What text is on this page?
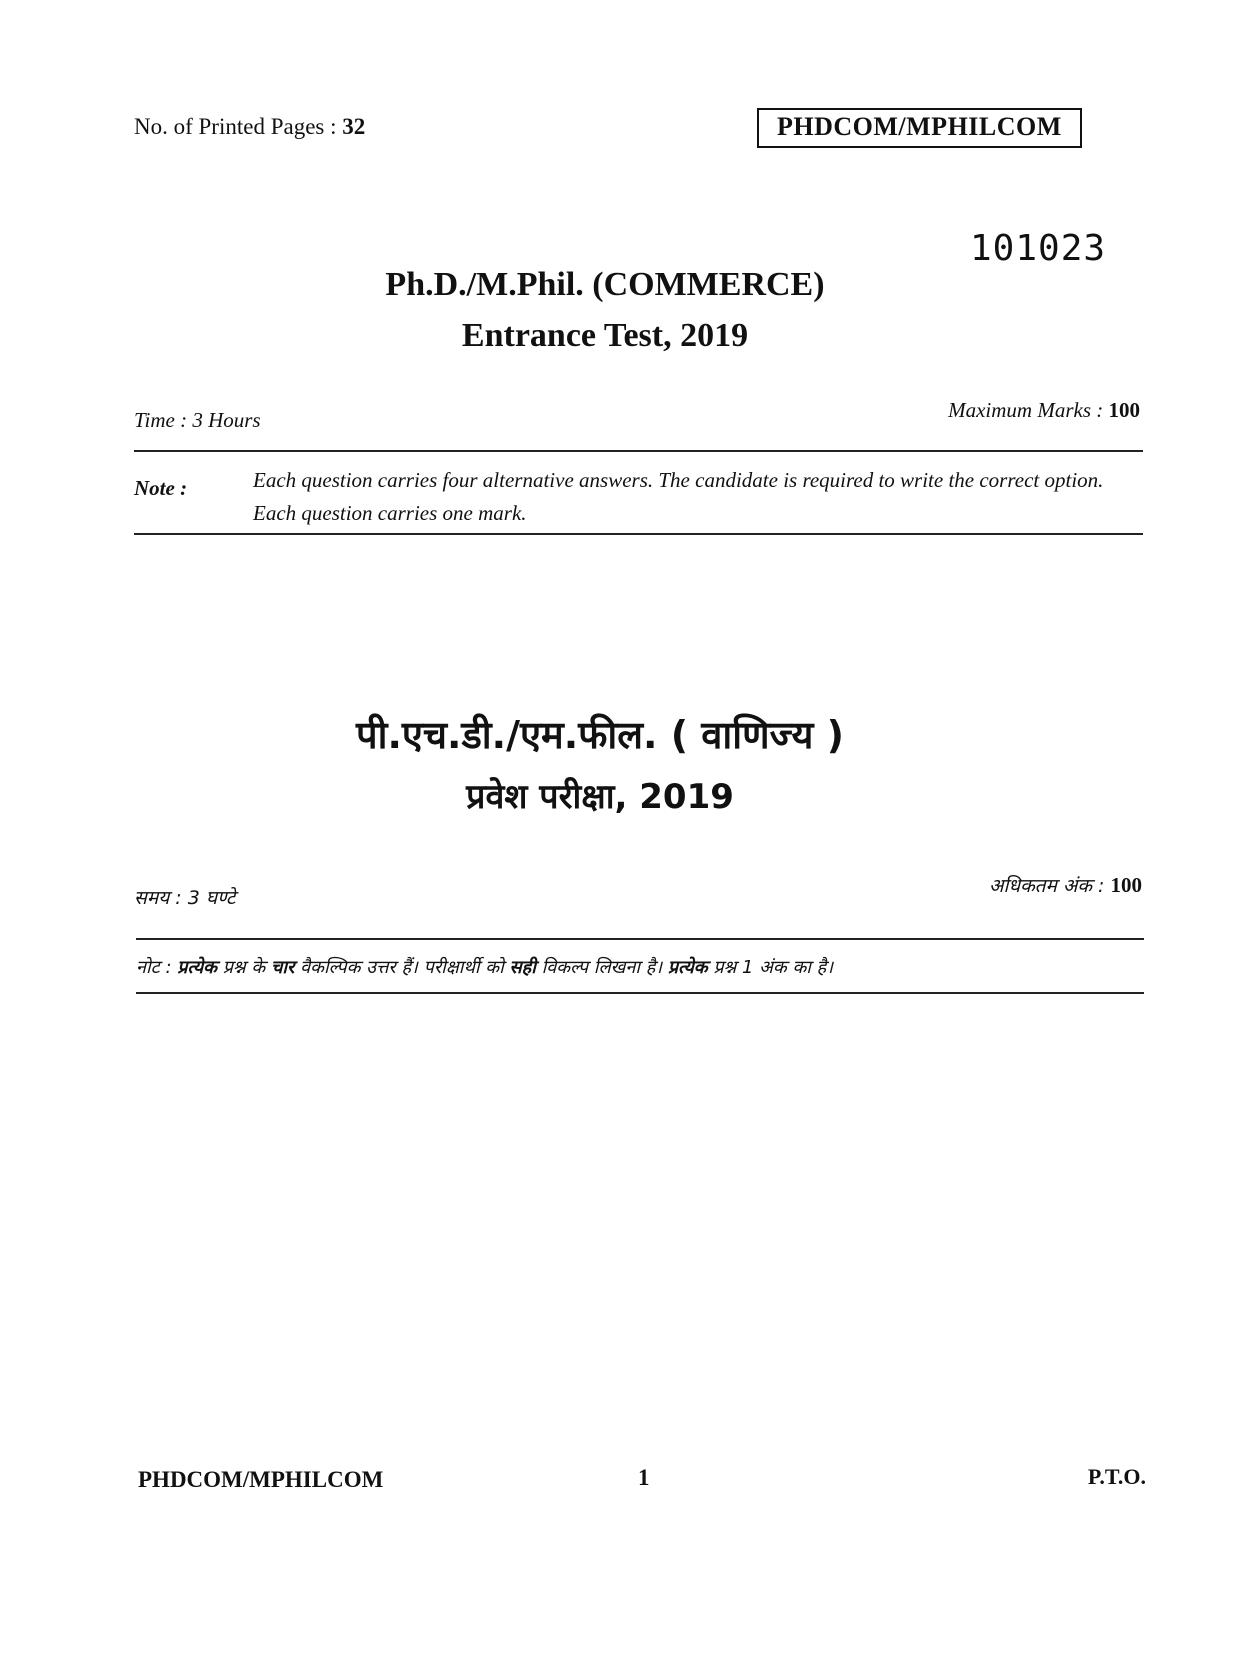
No. of Printed Pages : 32	PHDCOM/MPHILCOM
101023
Ph.D./M.Phil. (COMMERCE)
Entrance Test, 2019
Time : 3 Hours	Maximum Marks : 100
Note :	Each question carries four alternative answers. The candidate is required to write the correct option. Each question carries one mark.
पी.एच.डी./एम.फील. ( वाणिज्य )
प्रवेश परीक्षा, 2019
समय : 3 घण्टे
अधिकतम अंक : 100
नोट : प्रत्येक प्रश्न के चार वैकल्पिक उत्तर हैं। परीक्षार्थी को सही विकल्प लिखना है। प्रत्येक प्रश्न 1 अंक का है।
PHDCOM/MPHILCOM	1	P.T.O.
